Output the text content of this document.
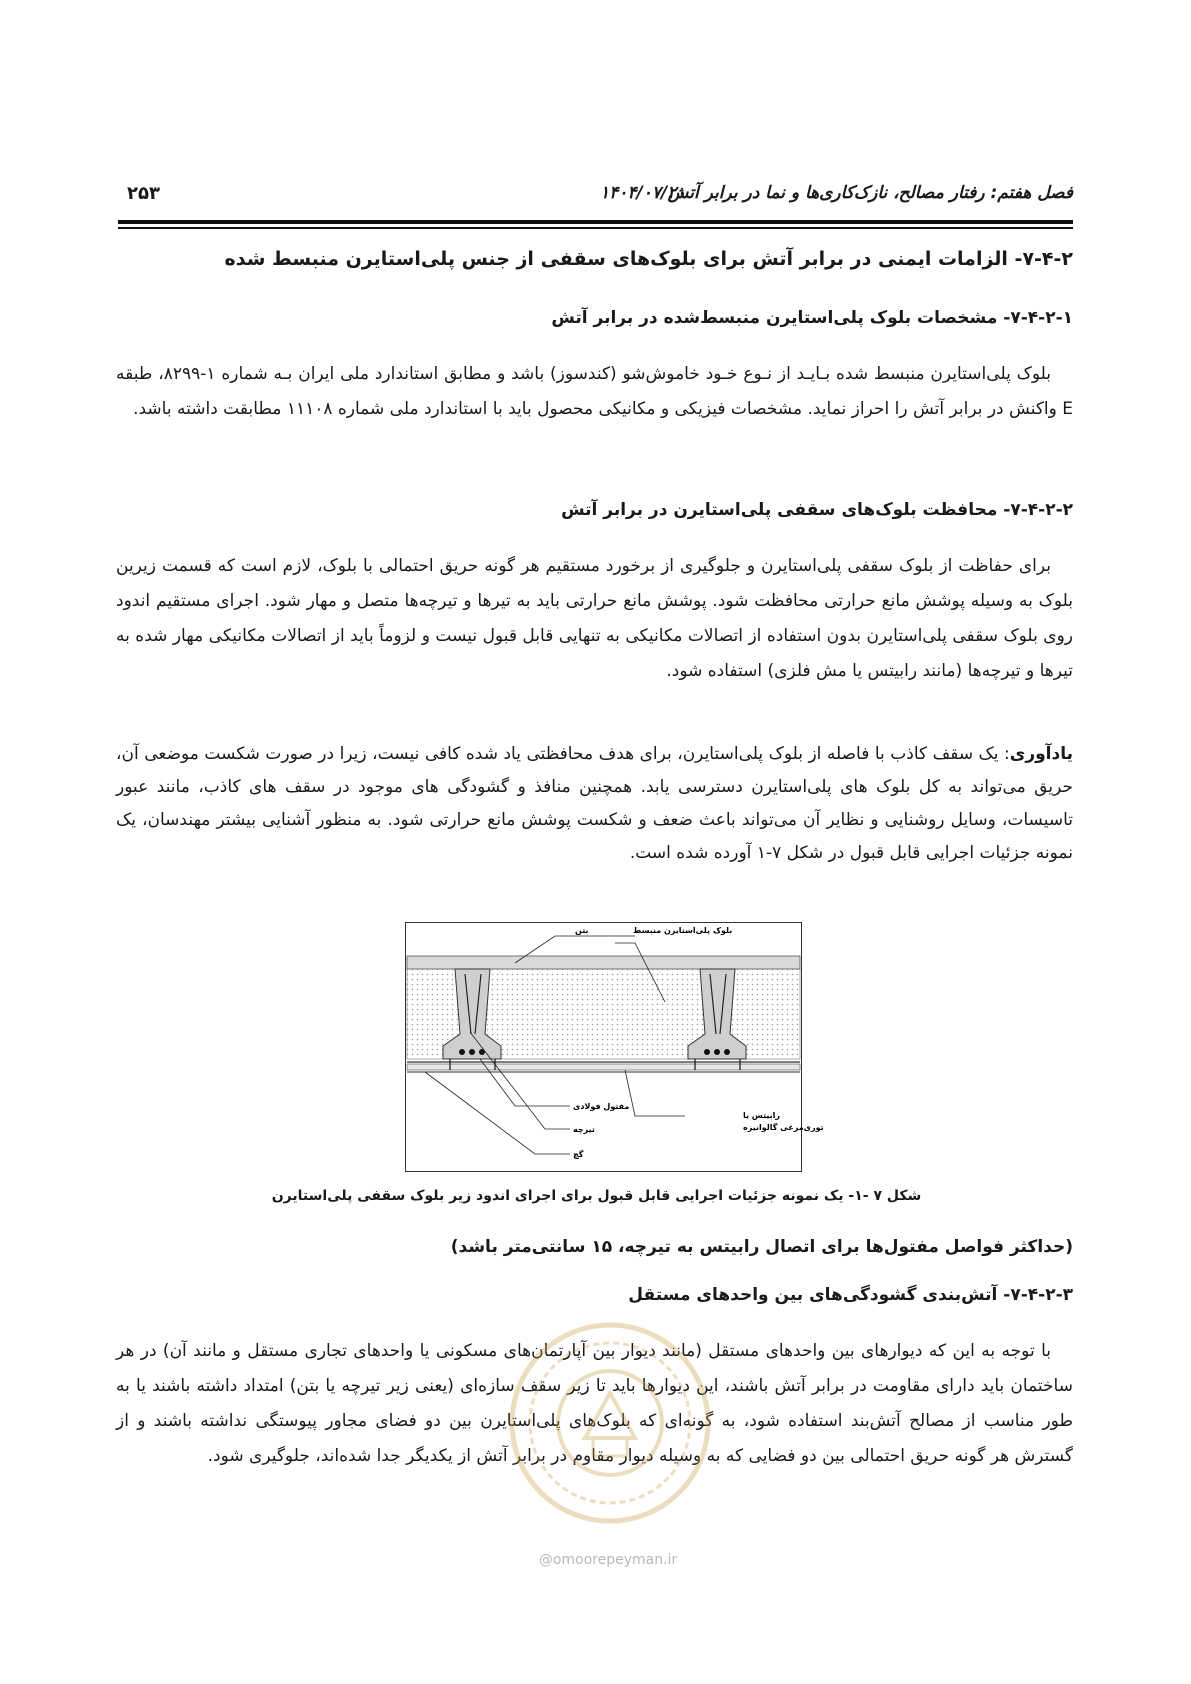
فصل هفتم: رفتار مصالح، نازک‌کاری‌ها و نما در برابر آتش
۱۴۰۴/۰۷/۲۰
۲۵۳
۷-۴-۲- الزامات ایمنی در برابر آتش برای بلوک‌های سقفی از جنس پلی‌استایرن منبسط شده
۷-۴-۲-۱- مشخصات بلوک پلی‌استایرن منبسط‌شده در برابر آتش
بلوک پلی‌استایرن منبسط شده بـایـد از نـوع خـود خاموش‌شو (کندسوز) باشد و مطابق استاندارد ملی ایران بـه شماره ۱-۸۲۹۹، طبقه E واکنش در برابر آتش را احراز نماید. مشخصات فیزیکی و مکانیکی محصول باید با استاندارد ملی شماره ۱۱۱۰۸ مطابقت داشته باشد.
۷-۴-۲-۲- محافظت بلوک‌های سقفی پلی‌استایرن در برابر آتش
برای حفاظت از بلوک سقفی پلی‌استایرن و جلوگیری از برخورد مستقیم هر گونه حریق احتمالی با بلوک، لازم است که قسمت زیرین بلوک به وسیله پوشش مانع حرارتی محافظت شود. پوشش مانع حرارتی باید به تیرها و تیرچه‌ها متصل و مهار شود. اجرای مستقیم اندود روی بلوک سقفی پلی‌استایرن بدون استفاده از اتصالات مکانیکی به تنهایی قابل قبول نیست و لزوماً باید از اتصالات مکانیکی مهار شده به تیرها و تیرچه‌ها (مانند رابیتس یا مش فلزی) استفاده شود.
یادآوری: یک سقف کاذب با فاصله از بلوک پلی‌استایرن، برای هدف محافظتی یاد شده کافی نیست، زیرا در صورت شکست موضعی آن، حریق می‌تواند به کل بلوک های پلی‌استایرن دسترسی یابد. همچنین منافذ و گشودگی های موجود در سقف های کاذب، مانند عبور تاسیسات، وسایل روشنایی و نظایر آن می‌تواند باعث ضعف و شکست پوشش مانع حرارتی شود. به منظور آشنایی بیشتر مهندسان، یک نمونه جزئیات اجرایی قابل قبول در شکل ۷-۱ آورده شده است.
بلوک پلی‌استایرن منبسط
بتن
مفتول فولادی
تیرچه
گچ
رابیتس یا
توری‌مرغی گالوانیزه
شکل ۷ -۱- یک نمونه جزئیات اجرایی قابل قبول برای اجرای اندود زیر بلوک سقفی پلی‌استایرن
(حداکثر فواصل مفتول‌ها برای اتصال رابیتس به تیرچه، ۱۵ سانتی‌متر باشد)
۷-۴-۲-۳- آتش‌بندی گشودگی‌های بین واحدهای مستقل
با توجه به این که دیوارهای بین واحدهای مستقل (مانند دیوار بین آپارتمان‌های مسکونی یا واحدهای تجاری مستقل و مانند آن) در هر ساختمان باید دارای مقاومت در برابر آتش باشند، این دیوارها باید تا زیر سقف سازه‌ای (یعنی زیر تیرچه یا بتن) امتداد داشته باشند یا به طور مناسب از مصالح آتش‌بند استفاده شود، به گونه‌ای که بلوک‌های پلی‌استایرن بین دو فضای مجاور پیوستگی نداشته باشند و از گسترش هر گونه حریق احتمالی بین دو فضایی که به وسیله دیوار مقاوم در برابر آتش از یکدیگر جدا شده‌اند، جلوگیری شود.
@omoorepeyman.ir
